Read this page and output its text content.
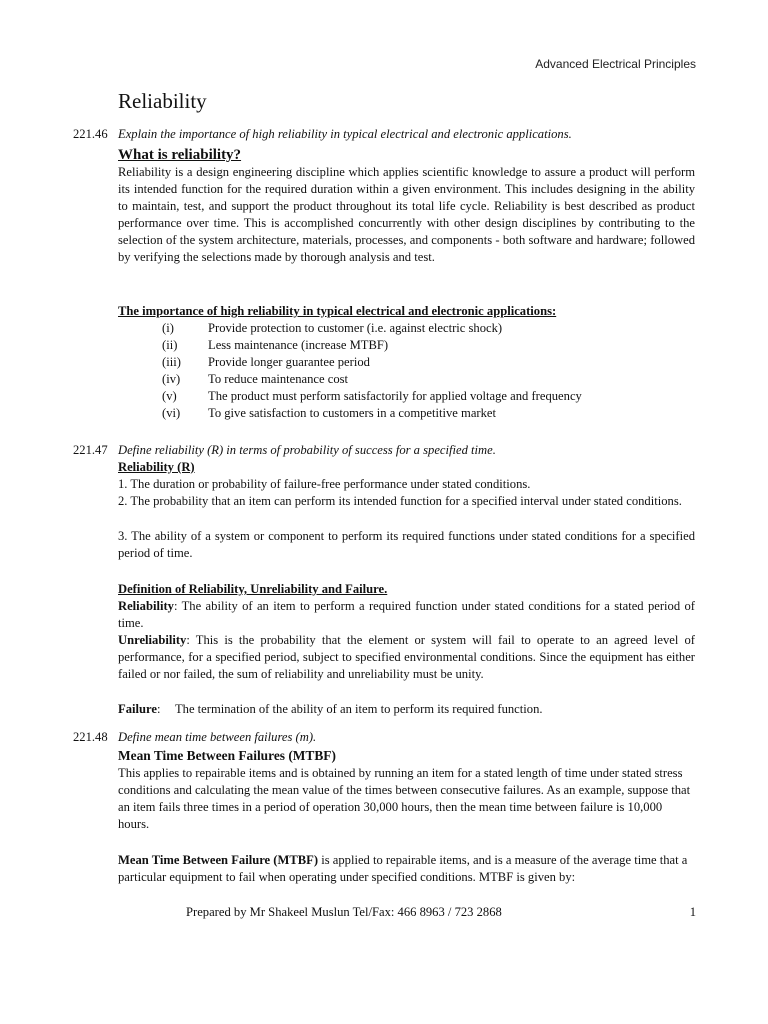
Advanced Electrical Principles
Reliability
221.46 Explain the importance of high reliability in typical electrical and electronic applications.
What is reliability?
Reliability is a design engineering discipline which applies scientific knowledge to assure a product will perform its intended function for the required duration within a given environment. This includes designing in the ability to maintain, test, and support the product throughout its total life cycle. Reliability is best described as product performance over time. This is accomplished concurrently with other design disciplines by contributing to the selection of the system architecture, materials, processes, and components - both software and hardware; followed by verifying the selections made by thorough analysis and test.
The importance of high reliability in typical electrical and electronic applications:
(i)	Provide protection to customer (i.e. against electric shock)
(ii)	Less maintenance (increase MTBF)
(iii)	Provide longer guarantee period
(iv)	To reduce maintenance cost
(v)	The product must perform satisfactorily for applied voltage and frequency
(vi)	To give satisfaction to customers in a competitive market
221.47 Define reliability (R) in terms of probability of success for a specified time.
Reliability (R)
1. The duration or probability of failure-free performance under stated conditions.
2. The probability that an item can perform its intended function for a specified interval under stated conditions.
3. The ability of a system or component to perform its required functions under stated conditions for a specified period of time.
Definition of Reliability, Unreliability and Failure.
Reliability: The ability of an item to perform a required function under stated conditions for a stated period of time.
Unreliability: This is the probability that the element or system will fail to operate to an agreed level of performance, for a specified period, subject to specified environmental conditions. Since the equipment has either failed or nor failed, the sum of reliability and unreliability must be unity.
Failure: The termination of the ability of an item to perform its required function.
221.48 Define mean time between failures (m).
Mean Time Between Failures (MTBF)
This applies to repairable items and is obtained by running an item for a stated length of time under stated stress conditions and calculating the mean value of the times between consecutive failures. As an example, suppose that an item fails three times in a period of operation 30,000 hours, then the mean time between failure is 10,000 hours.
Mean Time Between Failure (MTBF) is applied to repairable items, and is a measure of the average time that a particular equipment to fail when operating under specified conditions. MTBF is given by:
Prepared by Mr Shakeel Muslun Tel/Fax: 466 8963 / 723 2868	1
